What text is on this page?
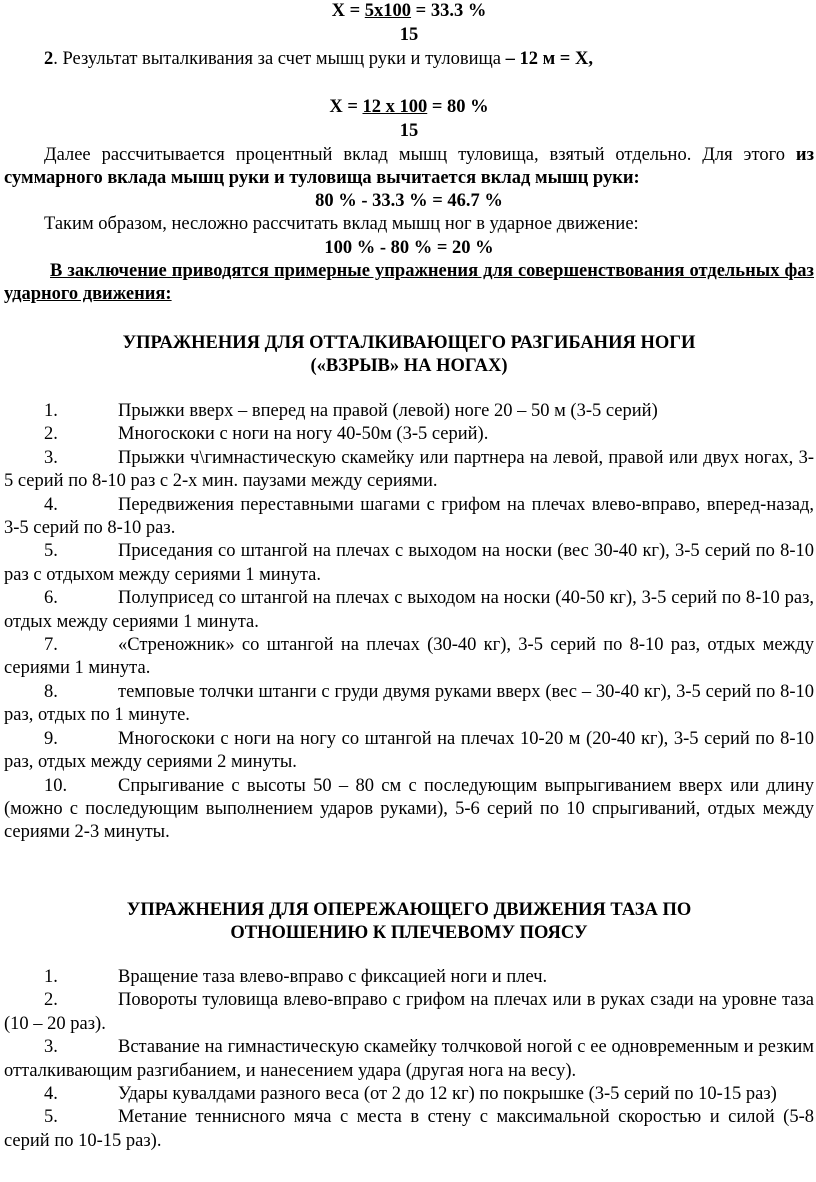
Х = 5х100 = 33.3 %
15
2. Результат выталкивания за счет мышц руки и туловища – 12 м = Х,
Х = 12 х 100 = 80 %
15
Далее рассчитывается процентный вклад мышц туловища, взятый отдельно. Для этого из суммарного вклада мышц руки и туловища вычитается вклад мышц руки:
80 % - 33.3 % = 46.7 %
Таким образом, несложно рассчитать вклад мышц ног в ударное движение:
100 % - 80 % = 20 %
В заключение приводятся примерные упражнения для совершенствования отдельных фаз ударного движения:
УПРАЖНЕНИЯ ДЛЯ ОТТАЛКИВАЮЩЕГО РАЗГИБАНИЯ НОГИ
(«ВЗРЫВ» НА НОГАХ)
1.	Прыжки вверх – вперед на правой (левой) ноге 20 – 50 м (3-5 серий)
2.	Многоскоки с ноги на ногу 40-50м (3-5 серий).
3.	Прыжки ч\гимнастическую скамейку или партнера на левой, правой или двух ногах, 3-5 серий по 8-10 раз с 2-х мин. паузами между сериями.
4.	Передвижения переставными шагами с грифом на плечах влево-вправо, вперед-назад, 3-5 серий по 8-10 раз.
5.	Приседания со штангой на плечах с выходом на носки (вес 30-40 кг), 3-5 серий по 8-10 раз с отдыхом между сериями 1 минута.
6.	Полуприсед со штангой на плечах с выходом на носки (40-50 кг), 3-5 серий по 8-10 раз, отдых между сериями 1 минута.
7.	«Стреножник» со штангой на плечах (30-40 кг), 3-5 серий по 8-10 раз, отдых между сериями 1 минута.
8.	темповые толчки штанги с груди двумя руками вверх (вес – 30-40 кг), 3-5 серий по 8-10 раз, отдых по 1 минуте.
9.	Многоскоки с ноги на ногу со штангой на плечах 10-20 м (20-40 кг), 3-5 серий по 8-10 раз, отдых между сериями 2 минуты.
10.	Спрыгивание с высоты 50 – 80 см с последующим выпрыгиванием вверх или длину (можно с последующим выполнением ударов руками), 5-6 серий по 10 спрыгиваний, отдых между сериями 2-3 минуты.
УПРАЖНЕНИЯ ДЛЯ ОПЕРЕЖАЮЩЕГО ДВИЖЕНИЯ ТАЗА ПО
ОТНОШЕНИЮ К ПЛЕЧЕВОМУ ПОЯСУ
1.	Вращение таза влево-вправо с фиксацией ноги и плеч.
2.	Повороты туловища влево-вправо с грифом на плечах или в руках сзади на уровне таза (10 – 20 раз).
3.	Вставание на гимнастическую скамейку толчковой ногой с ее одновременным и резким отталкивающим разгибанием, и нанесением удара (другая нога на весу).
4.	Удары кувалдами разного веса (от 2 до 12 кг) по покрышке (3-5 серий по 10-15 раз)
5.	Метание теннисного мяча с места в стену с максимальной скоростью и силой (5-8 серий по 10-15 раз).
